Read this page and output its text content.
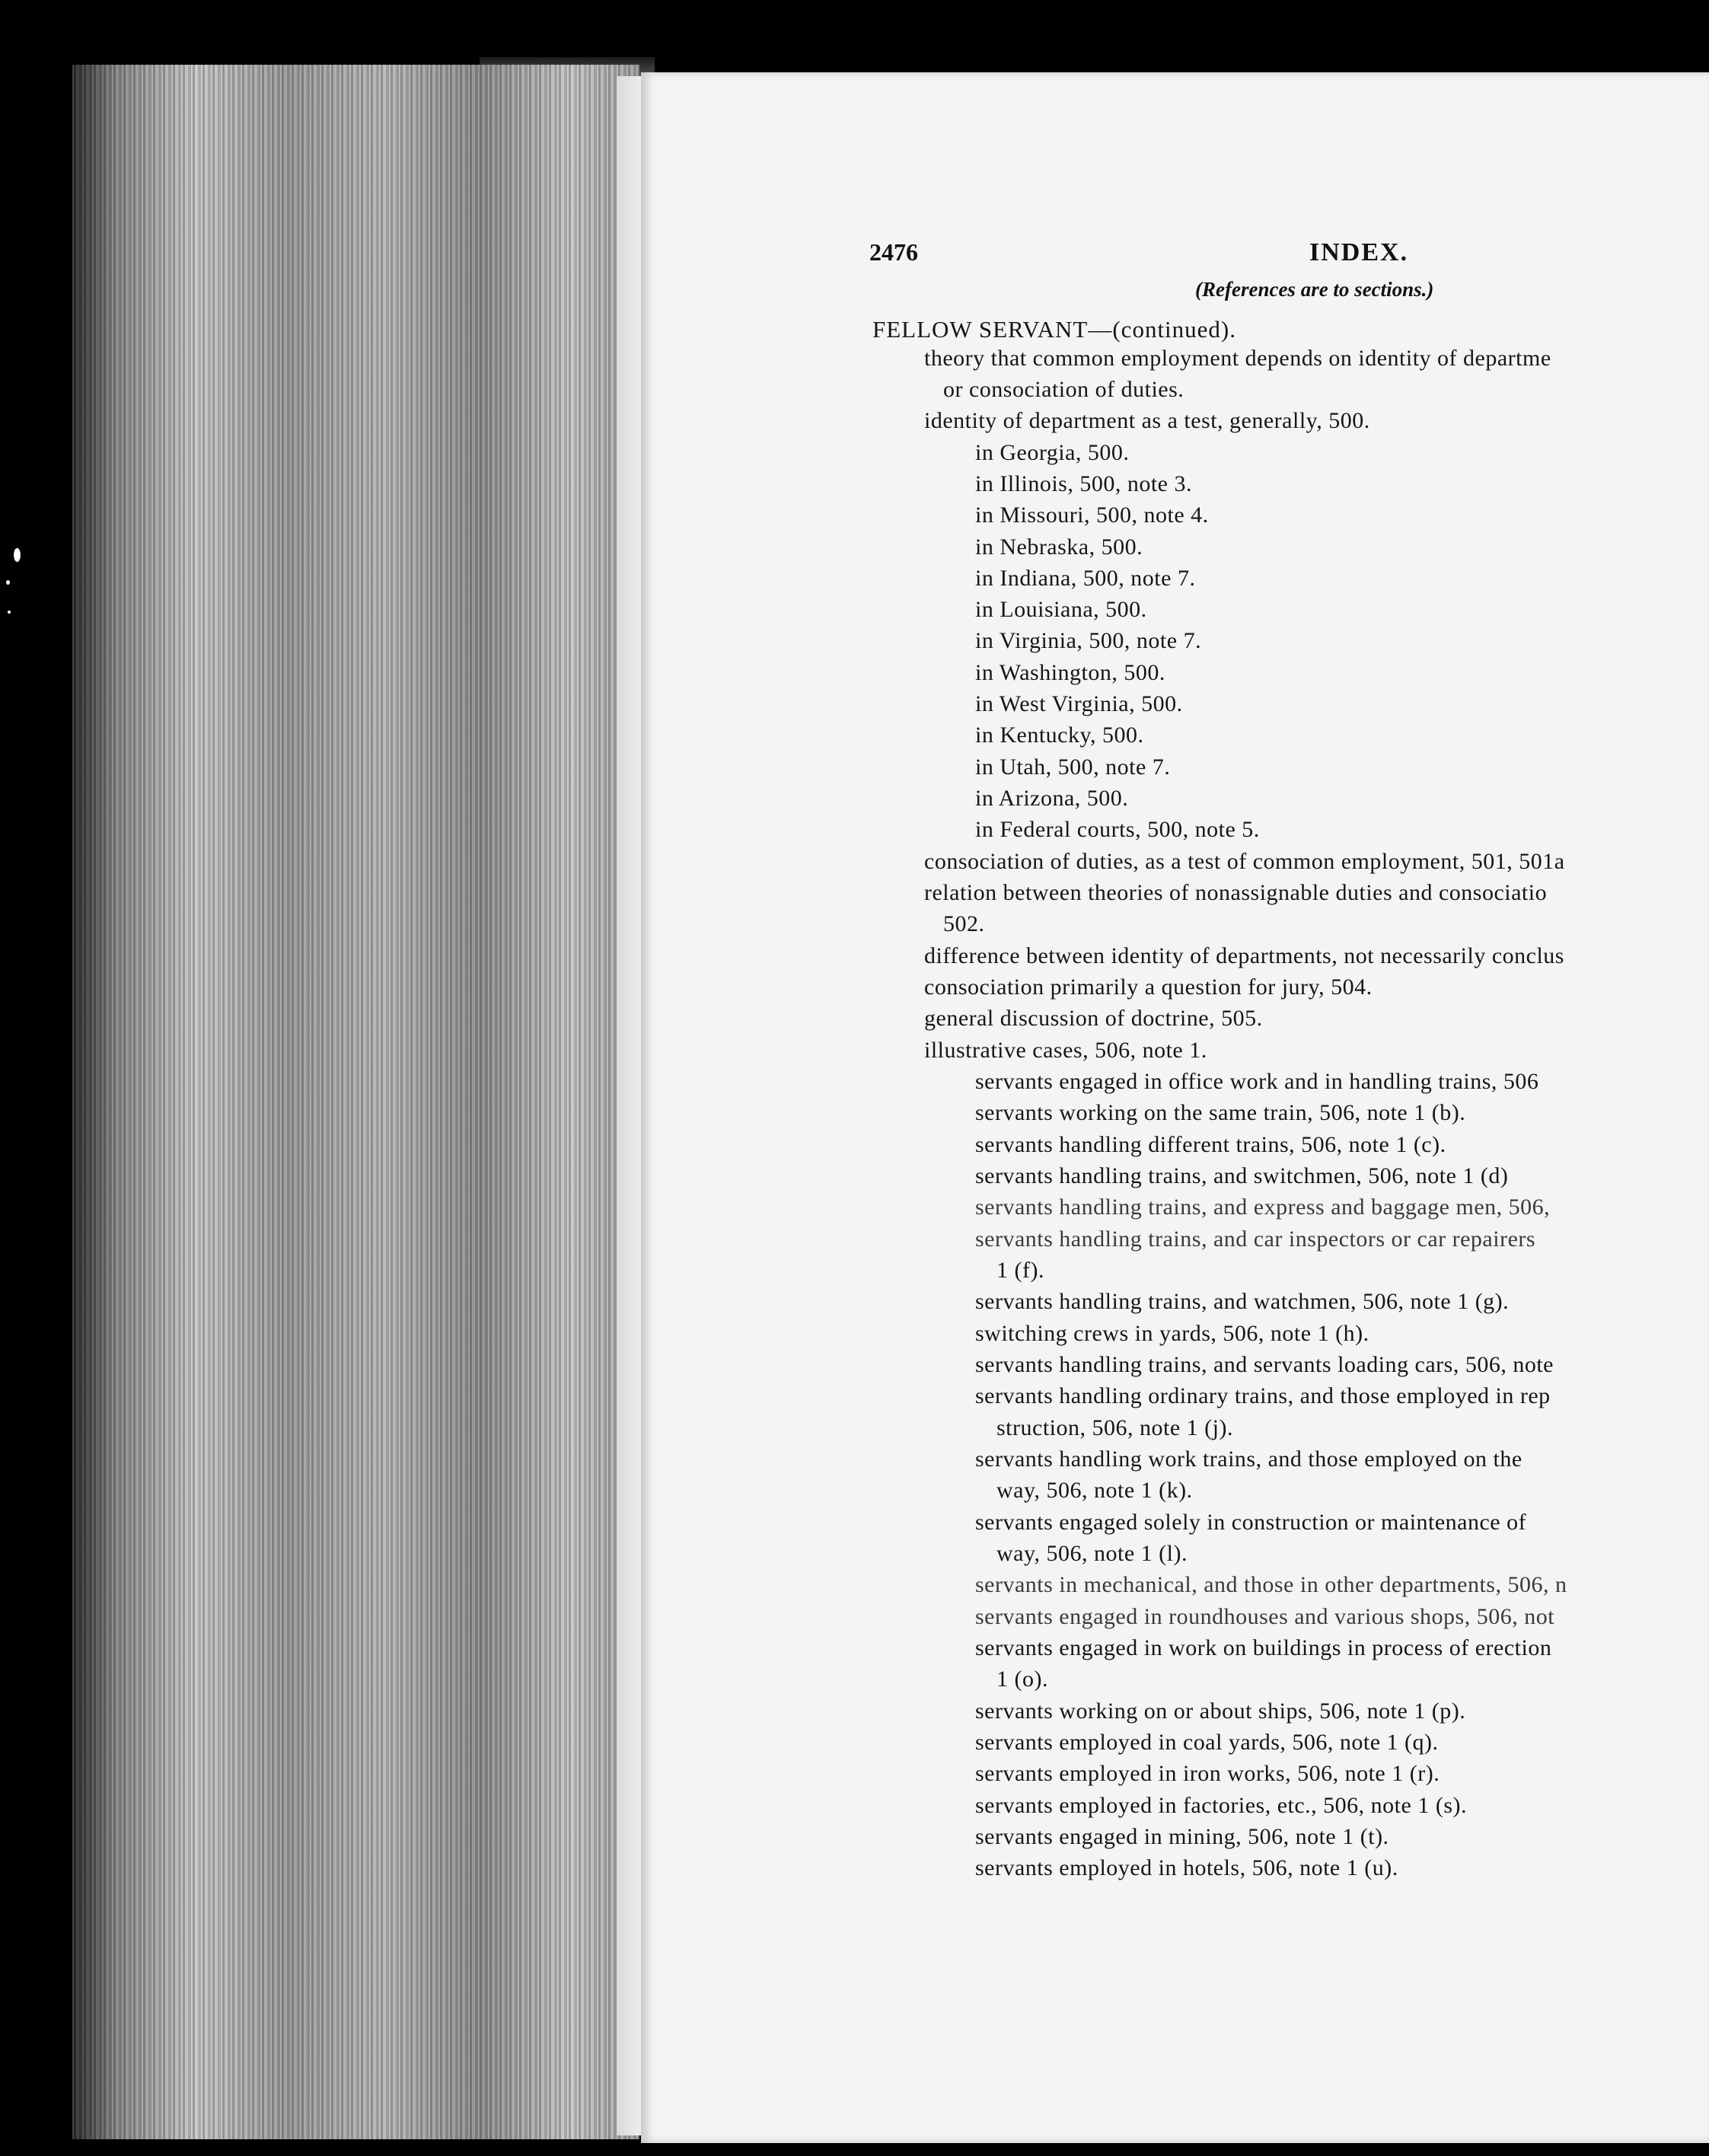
2476	INDEX.
(References are to sections.)
FELLOW SERVANT—(continued).
theory that common employment depends on identity of departme
or consociation of duties.
identity of department as a test, generally, 500.
in Georgia, 500.
in Illinois, 500, note 3.
in Missouri, 500, note 4.
in Nebraska, 500.
in Indiana, 500, note 7.
in Louisiana, 500.
in Virginia, 500, note 7.
in Washington, 500.
in West Virginia, 500.
in Kentucky, 500.
in Utah, 500, note 7.
in Arizona, 500.
in Federal courts, 500, note 5.
consociation of duties, as a test of common employment, 501, 501a
relation between theories of nonassignable duties and consociatio
502.
difference between identity of departments, not necessarily conclus
consociation primarily a question for jury, 504.
general discussion of doctrine, 505.
illustrative cases, 506, note 1.
servants engaged in office work and in handling trains, 506
servants working on the same train, 506, note 1 (b).
servants handling different trains, 506, note 1 (c).
servants handling trains, and switchmen, 506, note 1 (d)
servants handling trains, and express and baggage men, 506,
servants handling trains, and car inspectors or car repairers
1 (f).
servants handling trains, and watchmen, 506, note 1 (g).
switching crews in yards, 506, note 1 (h).
servants handling trains, and servants loading cars, 506, note
servants handling ordinary trains, and those employed in rep
struction, 506, note 1 (j).
servants handling work trains, and those employed on the
way, 506, note 1 (k).
servants engaged solely in construction or maintenance of
way, 506, note 1 (l).
servants in mechanical, and those in other departments, 506, n
servants engaged in roundhouses and various shops, 506, not
servants engaged in work on buildings in process of erection
1 (o).
servants working on or about ships, 506, note 1 (p).
servants employed in coal yards, 506, note 1 (q).
servants employed in iron works, 506, note 1 (r).
servants employed in factories, etc., 506, note 1 (s).
servants engaged in mining, 506, note 1 (t).
servants employed in hotels, 506, note 1 (u).
